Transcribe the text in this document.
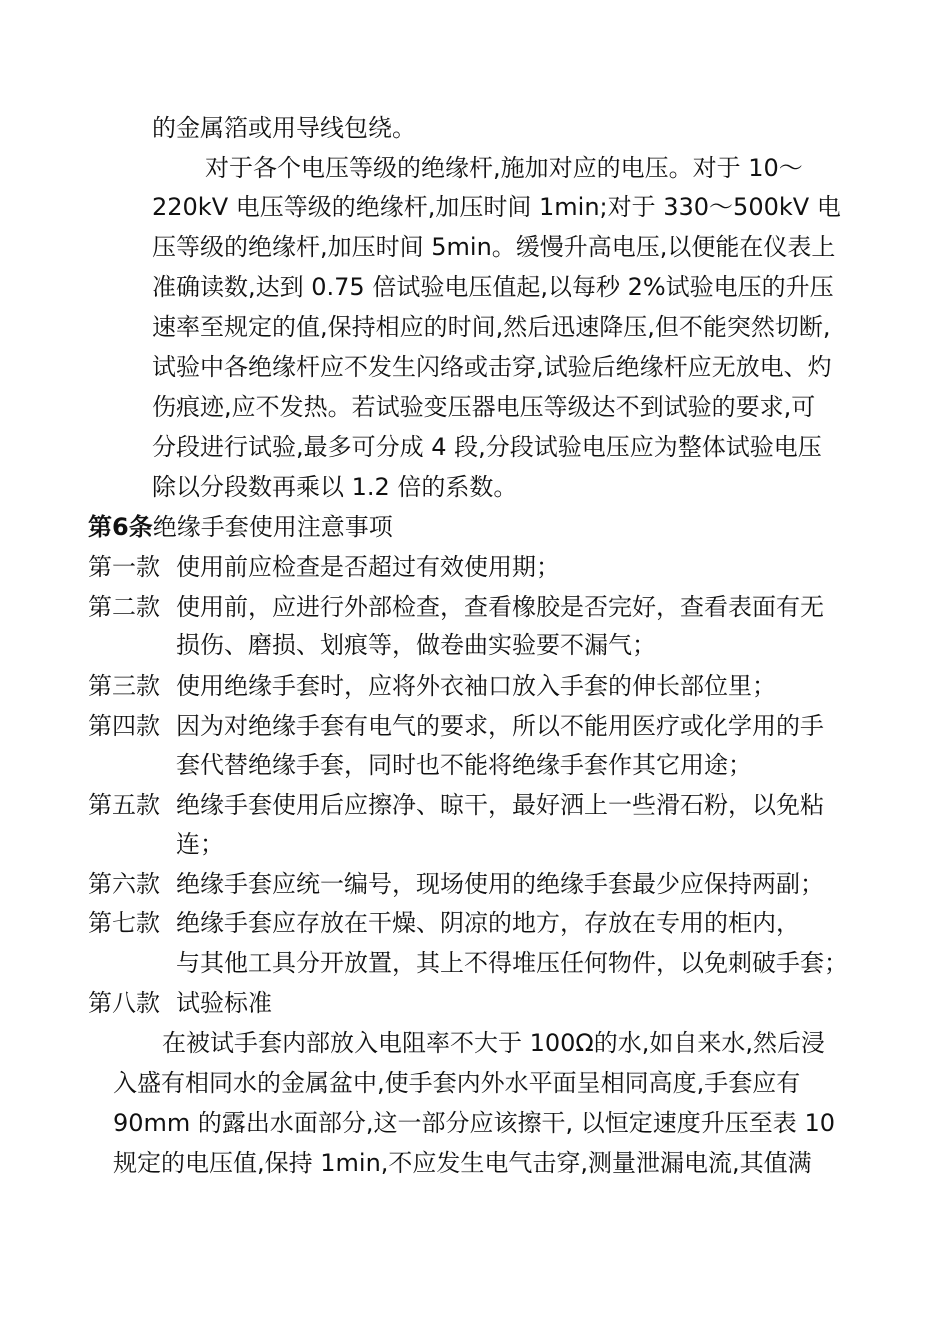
的金属箔或用导线包绕。
对于各个电压等级的绝缘杆,施加对应的电压。对于 10～
220kV 电压等级的绝缘杆,加压时间 1min;对于 330～500kV 电
压等级的绝缘杆,加压时间 5min。缓慢升高电压,以便能在仪表上
准确读数,达到 0.75 倍试验电压值起,以每秒 2%试验电压的升压
速率至规定的值,保持相应的时间,然后迅速降压,但不能突然切断,
试验中各绝缘杆应不发生闪络或击穿,试验后绝缘杆应无放电、灼
伤痕迹,应不发热。若试验变压器电压等级达不到试验的要求,可
分段进行试验,最多可分成 4 段,分段试验电压应为整体试验电压
除以分段数再乘以 1.2 倍的系数。
第6条绝缘手套使用注意事项
第一款 使用前应检查是否超过有效使用期；
第二款 使用前，应进行外部检查，查看橡胶是否完好，查看表面有无
损伤、磨损、划痕等，做卷曲实验要不漏气；
第三款 使用绝缘手套时，应将外衣袖口放入手套的伸长部位里；
第四款 因为对绝缘手套有电气的要求，所以不能用医疗或化学用的手
套代替绝缘手套，同时也不能将绝缘手套作其它用途；
第五款 绝缘手套使用后应擦净、晾干，最好洒上一些滑石粉，以免粘
连；
第六款 绝缘手套应统一编号，现场使用的绝缘手套最少应保持两副；
第七款 绝缘手套应存放在干燥、阴凉的地方，存放在专用的柜内，
与其他工具分开放置，其上不得堆压任何物件，以免刺破手套；
第八款 试验标准
在被试手套内部放入电阻率不大于 100Ω的水,如自来水,然后浸
入盛有相同水的金属盆中,使手套内外水平面呈相同高度,手套应有
90mm 的露出水面部分,这一部分应该擦干, 以恒定速度升压至表 10
规定的电压值,保持 1min,不应发生电气击穿,测量泄漏电流,其值满
